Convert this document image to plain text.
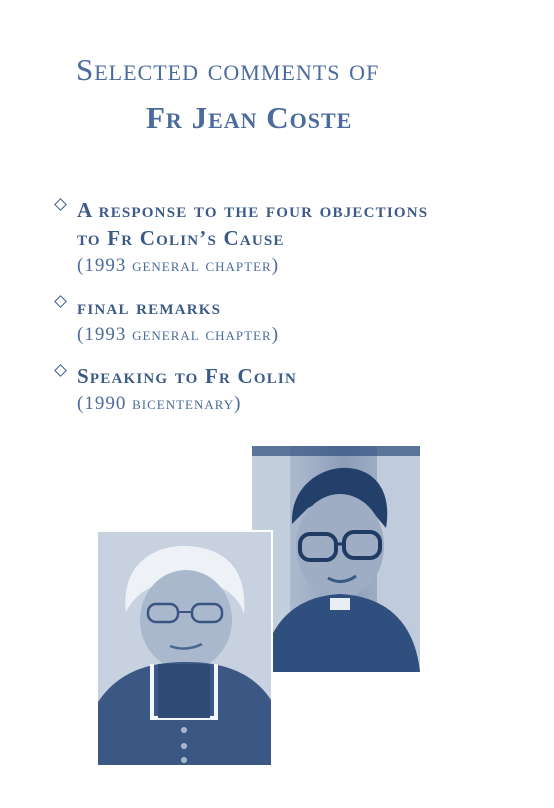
Selected comments of
Fr Jean Coste
A response to the four objections
to Fr Colin’s Cause
(1993 general chapter)
final remarks
(1993 general chapter)
Speaking to Fr Colin
(1990 bicentenary)
